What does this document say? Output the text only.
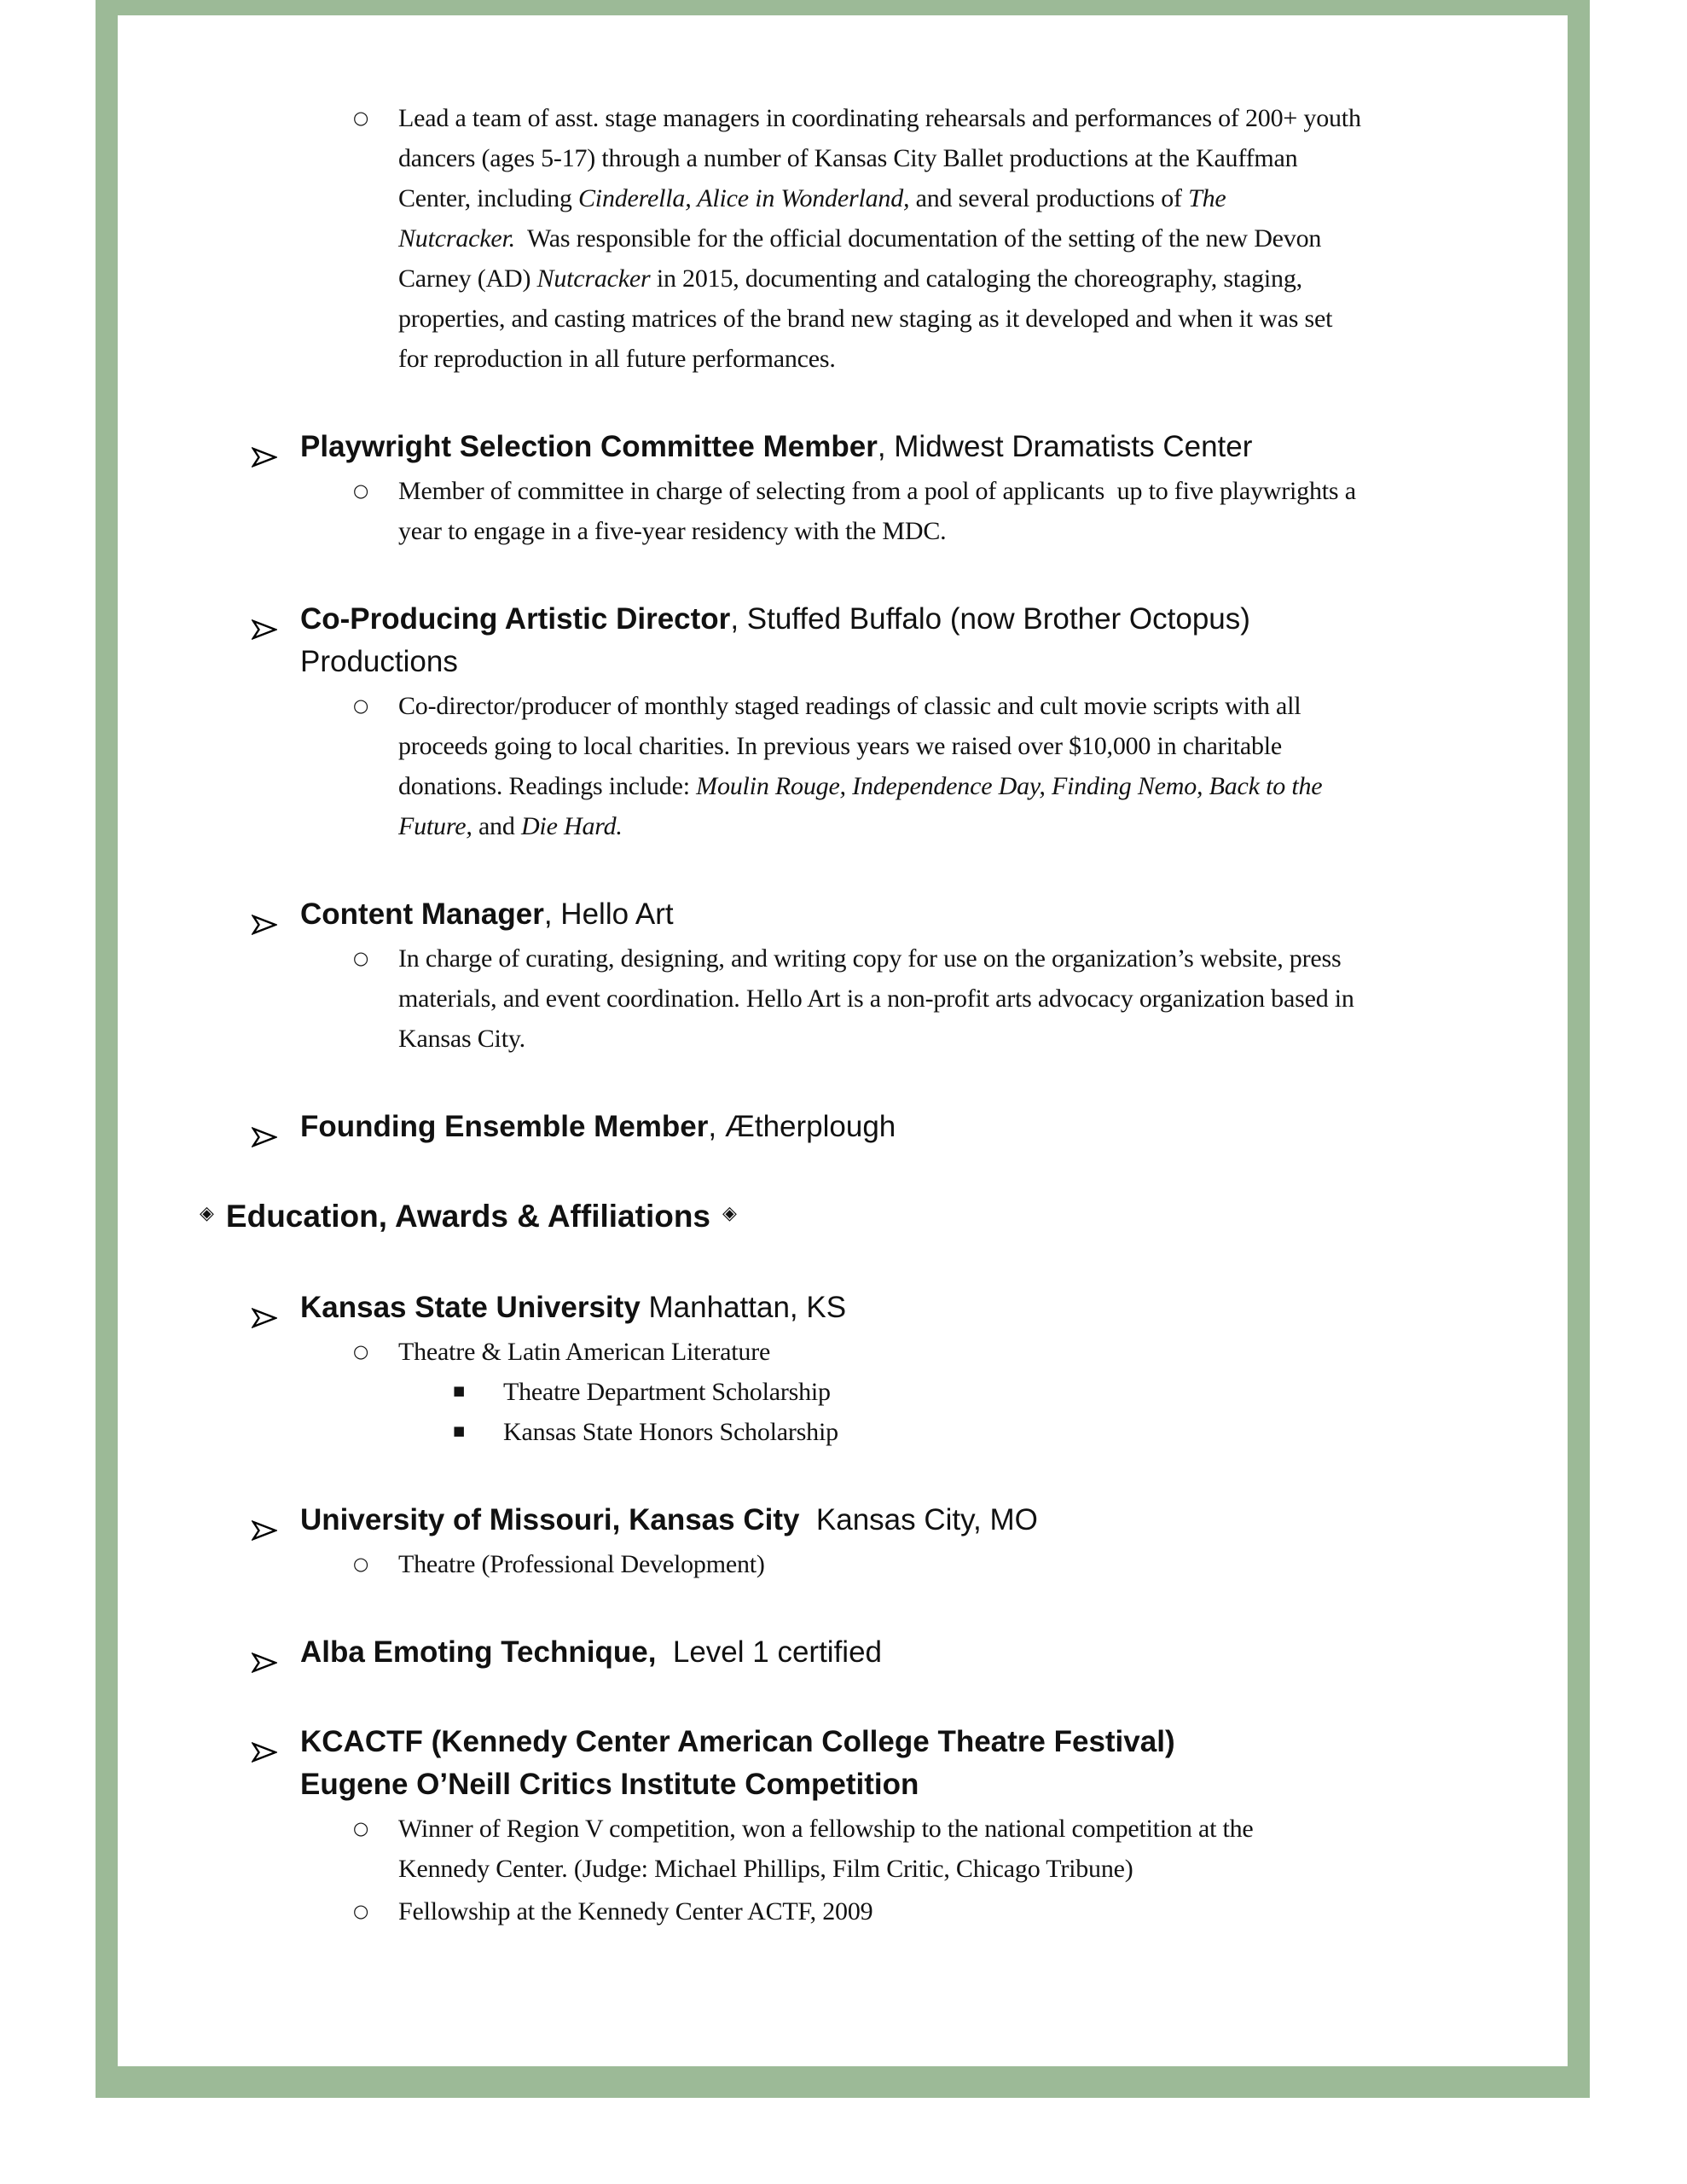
○ Lead a team of asst. stage managers in coordinating rehearsals and performances of 200+ youth
dancers (ages 5-17) through a number of Kansas City Ballet productions at the Kauffman
Center, including Cinderella, Alice in Wonderland, and several productions of The
Nutcracker.  Was responsible for the official documentation of the setting of the new Devon
Carney (AD) Nutcracker in 2015, documenting and cataloging the choreography, staging,
properties, and casting matrices of the brand new staging as it developed and when it was set
for reproduction in all future performances.
Playwright Selection Committee Member, Midwest Dramatists Center
○ Member of committee in charge of selecting from a pool of applicants  up to five playwrights a
year to engage in a five-year residency with the MDC.
Co-Producing Artistic Director, Stuffed Buffalo (now Brother Octopus)
Productions
○ Co-director/producer of monthly staged readings of classic and cult movie scripts with all
proceeds going to local charities. In previous years we raised over $10,000 in charitable
donations. Readings include: Moulin Rouge, Independence Day, Finding Nemo, Back to the
Future, and Die Hard.
Content Manager, Hello Art
○ In charge of curating, designing, and writing copy for use on the organization’s website, press
materials, and event coordination. Hello Art is a non-profit arts advocacy organization based in
Kansas City.
Founding Ensemble Member, Ætherplough
◈ Education, Awards & Affiliations ◈
Kansas State University Manhattan, KS
○ Theatre & Latin American Literature
■ Theatre Department Scholarship
■ Kansas State Honors Scholarship
University of Missouri, Kansas City  Kansas City, MO
○ Theatre (Professional Development)
Alba Emoting Technique,  Level 1 certified
KCACTF (Kennedy Center American College Theatre Festival)
Eugene O’Neill Critics Institute Competition
○ Winner of Region V competition, won a fellowship to the national competition at the
Kennedy Center. (Judge: Michael Phillips, Film Critic, Chicago Tribune)
○ Fellowship at the Kennedy Center ACTF, 2009
